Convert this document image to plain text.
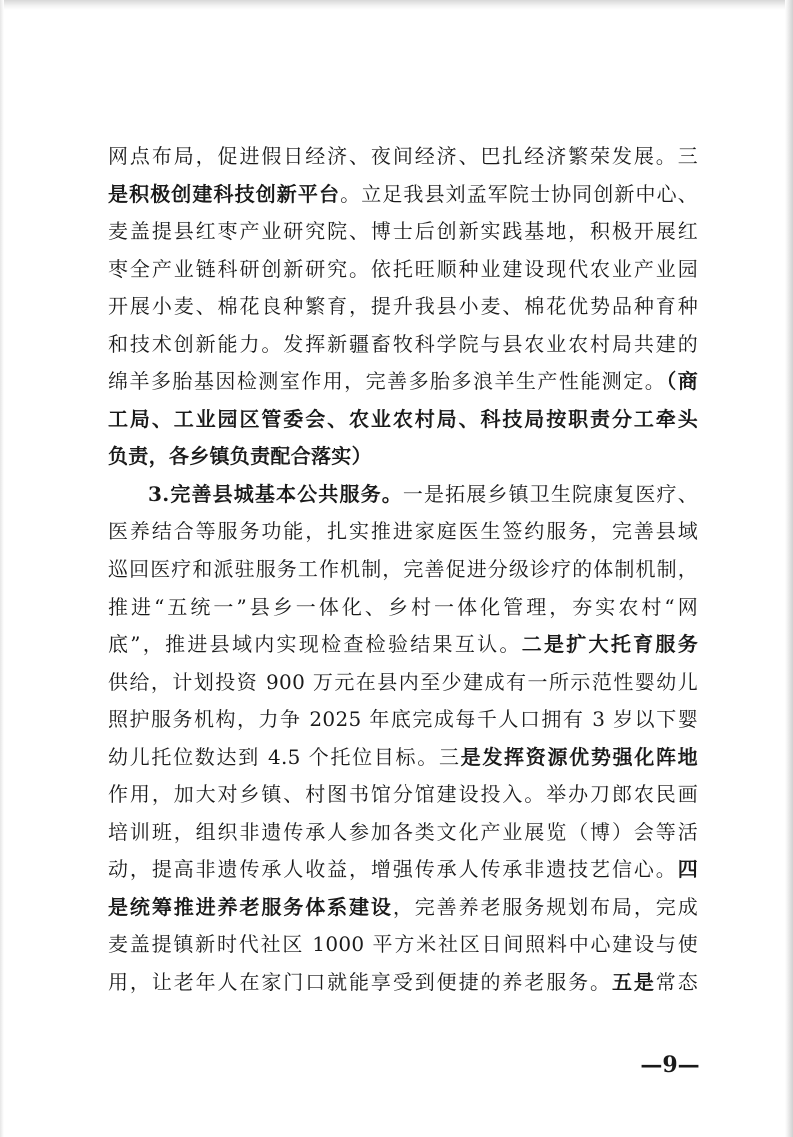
网点布局，促进假日经济、夜间经济、巴扎经济繁荣发展。三
是积极创建科技创新平台。立足我县刘孟军院士协同创新中心、
麦盖提县红枣产业研究院、博士后创新实践基地，积极开展红
枣全产业链科研创新研究。依托旺顺种业建设现代农业产业园
开展小麦、棉花良种繁育，提升我县小麦、棉花优势品种育种
和技术创新能力。发挥新疆畜牧科学院与县农业农村局共建的
绵羊多胎基因检测室作用，完善多胎多浪羊生产性能测定。（商
工局、工业园区管委会、农业农村局、科技局按职责分工牵头
负责，各乡镇负责配合落实）
3.完善县城基本公共服务。一是拓展乡镇卫生院康复医疗、
医养结合等服务功能，扎实推进家庭医生签约服务，完善县域
巡回医疗和派驻服务工作机制，完善促进分级诊疗的体制机制，
推进“五统一”县乡一体化、乡村一体化管理，夯实农村“网
底”，推进县域内实现检查检验结果互认。二是扩大托育服务
供给，计划投资 900 万元在县内至少建成有一所示范性婴幼儿
照护服务机构，力争 2025 年底完成每千人口拥有 3 岁以下婴
幼儿托位数达到 4.5 个托位目标。三是发挥资源优势强化阵地
作用，加大对乡镇、村图书馆分馆建设投入。举办刀郎农民画
培训班，组织非遗传承人参加各类文化产业展览（博）会等活
动，提高非遗传承人收益，增强传承人传承非遗技艺信心。四
是统筹推进养老服务体系建设，完善养老服务规划布局，完成
麦盖提镇新时代社区 1000 平方米社区日间照料中心建设与使
用，让老年人在家门口就能享受到便捷的养老服务。五是常态
—9—
